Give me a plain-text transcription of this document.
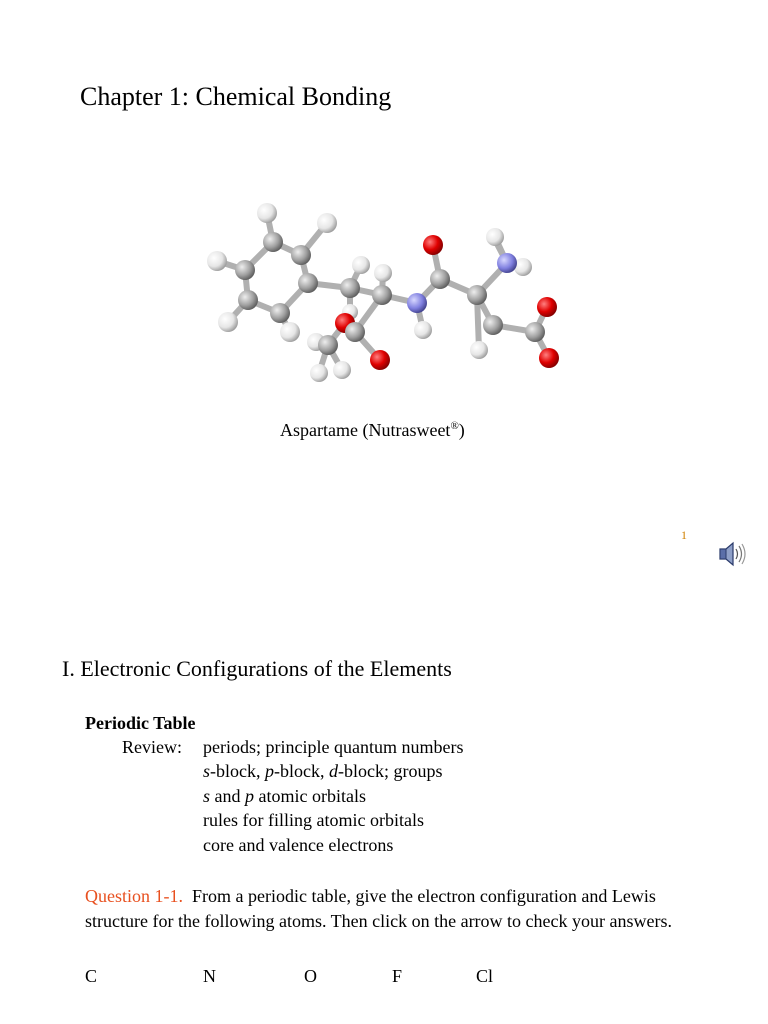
Chapter 1: Chemical Bonding
Aspartame (Nutrasweet®)
1
I. Electronic Configurations of the Elements
Periodic Table
Review: periods; principle quantum numbers
s-block, p-block, d-block; groups
s and p atomic orbitals
rules for filling atomic orbitals
core and valence electrons
Question 1-1. From a periodic table, give the electron configuration and Lewis structure for the following atoms. Then click on the arrow to check your answers.
C	N	O	F	Cl
